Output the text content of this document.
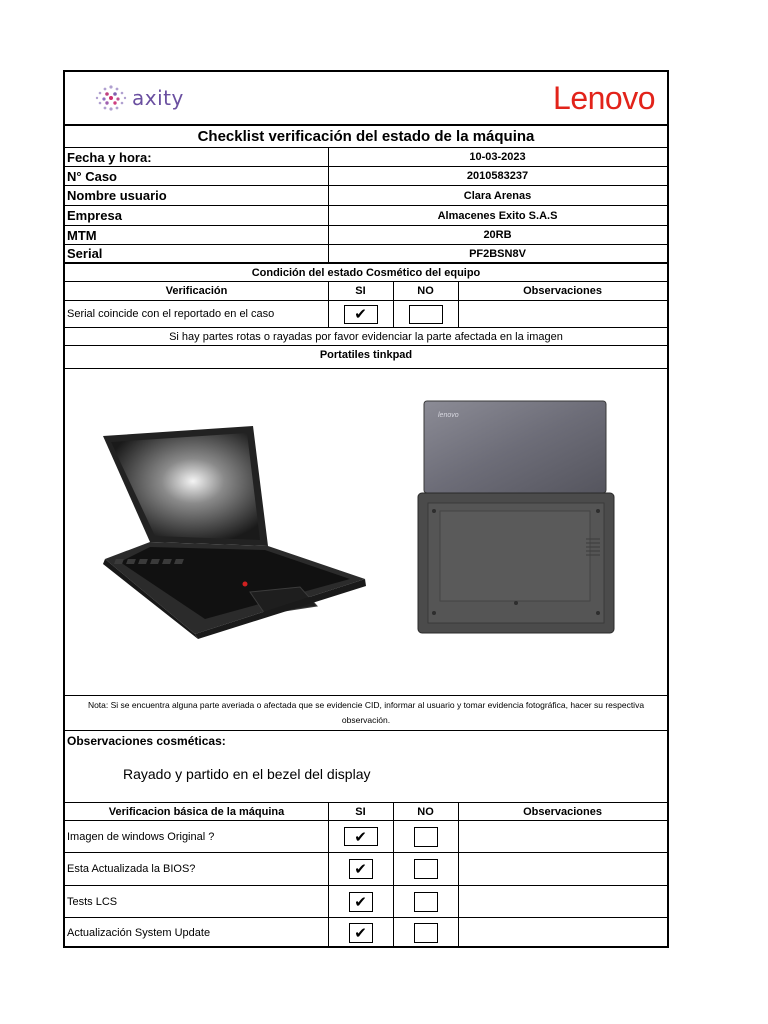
axity	Lenovo
Checklist verificación del estado de la máquina
Fecha y hora:	10-03-2023
N° Caso	2010583237
Nombre usuario	Clara Arenas
Empresa	Almacenes Exito S.A.S
MTM	20RB
Serial	PF2BSN8V
Condición del estado Cosmético del equipo
Verificación	SI	NO	Observaciones
Serial coincide con el reportado en el caso	✔
Si hay partes rotas o rayadas por favor evidenciar la parte afectada en la imagen
Portatiles tinkpad
lenovo
Nota: Si se encuentra alguna parte averiada o afectada que se evidencie CID, informar al usuario y tomar evidencia fotográfica, hacer su respectiva observación.
Observaciones cosméticas:
Rayado y partido en el bezel del display
Verificacion básica de la máquina	SI	NO	Observaciones
Imagen de windows Original ?	✔
Esta Actualizada la BIOS?	✔
Tests LCS	✔
Actualización System Update	✔
